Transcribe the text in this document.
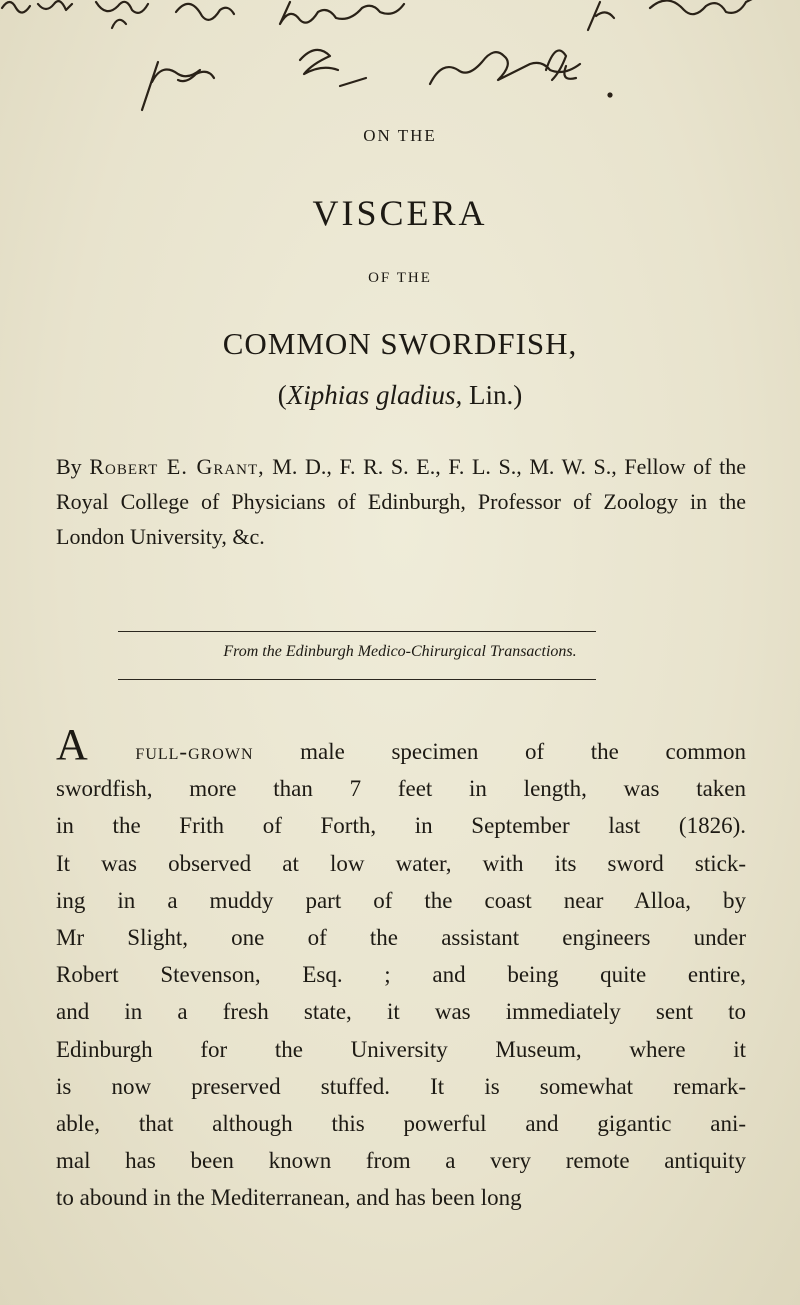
ON THE
VISCERA
OF THE
COMMON SWORDFISH,
(Xiphias gladius, Lin.)
By Robert E. Grant, M. D., F. R. S. E., F. L. S., M. W. S., Fellow of the Royal College of Physicians of Edinburgh, Professor of Zoology in the London University, &c.
From the Edinburgh Medico-Chirurgical Transactions.
A full-grown male specimen of the common
swordfish, more than 7 feet in length, was taken
in the Frith of Forth, in September last (1826).
It was observed at low water, with its sword stick-
ing in a muddy part of the coast near Alloa, by
Mr Slight, one of the assistant engineers under
Robert Stevenson, Esq. ; and being quite entire,
and in a fresh state, it was immediately sent to
Edinburgh for the University Museum, where it
is now preserved stuffed. It is somewhat remark-
able, that although this powerful and gigantic ani-
mal has been known from a very remote antiquity
to abound in the Mediterranean, and has been long
